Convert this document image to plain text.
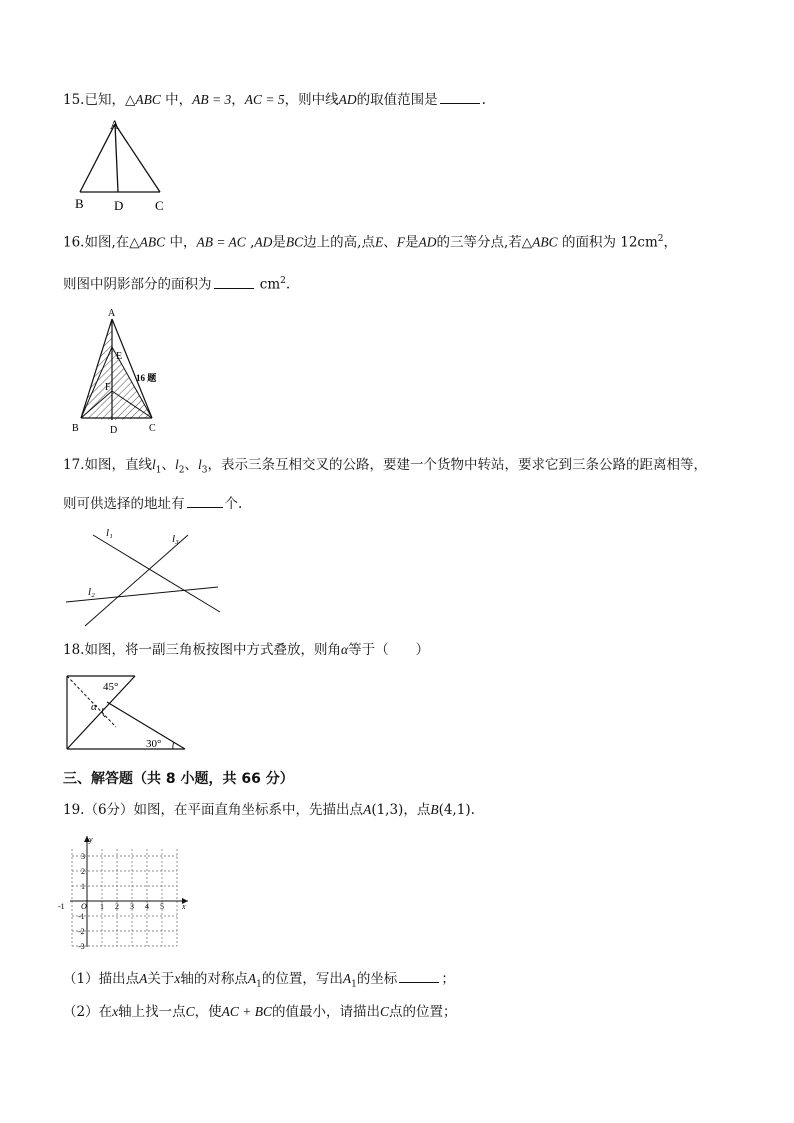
15.已知，△ABC 中，AB = 3，AC = 5，则中线AD的取值范围是	.
A
B D C
16.如图,在△ABC 中，AB = AC ,AD是BC边上的高,点E、F是AD的三等分点,若△ABC 的面积为 $12cm^2$，
则图中阴影部分的面积为	$cm^2$.
A
E
F
B	D	C
16 题
17.如图，直线$l_1$、$l_2$、$l_3$，表示三条互相交叉的公路，要建一个货物中转站，要求它到三条公路的距离相等，
则可供选择的地址有	个.
l₁	l₃
l₂
18.如图，将一副三角板按图中方式叠放，则角α等于（　　）
45°
α
30°
三、解答题（共 8 小题，共 66 分）
19.（6分）如图，在平面直角坐标系中，先描出点A(1,3)，点B(4,1).
y
x
O
-1	1 2 3 4 5
3
2
1
-1
-2
-3
（1）描出点A关于x轴的对称点$A_1$的位置，写出$A_1$的坐标	；
（2）在x轴上找一点C，使AC + BC的值最小，请描出C点的位置；
